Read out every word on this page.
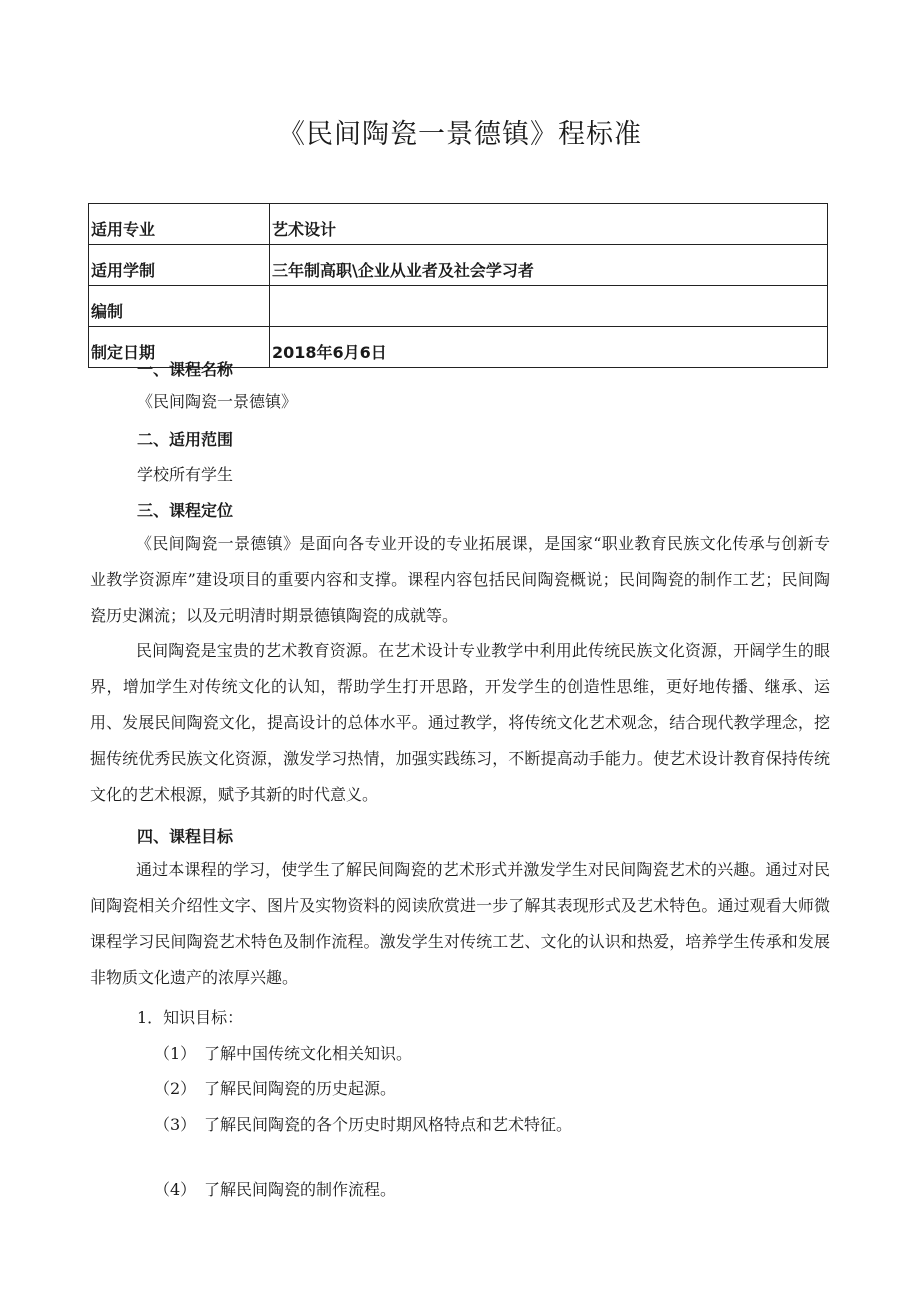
《民间陶瓷一景德镇》程标准
适用专业	艺术设计
适用学制	三年制高职\企业从业者及社会学习者
编制	
制定日期	2018年6月6日
一、课程名称
《民间陶瓷一景德镇》
二、适用范围
学校所有学生
三、课程定位
《民间陶瓷一景德镇》是面向各专业开设的专业拓展课，是国家“职业教育民族文化传承与创新专业教学资源库”建设项目的重要内容和支撑。课程内容包括民间陶瓷概说；民间陶瓷的制作工艺；民间陶瓷历史渊流；以及元明清时期景德镇陶瓷的成就等。
民间陶瓷是宝贵的艺术教育资源。在艺术设计专业教学中利用此传统民族文化资源，开阔学生的眼界，增加学生对传统文化的认知，帮助学生打开思路，开发学生的创造性思维，更好地传播、继承、运用、发展民间陶瓷文化，提高设计的总体水平。通过教学，将传统文化艺术观念，结合现代教学理念，挖掘传统优秀民族文化资源，激发学习热情，加强实践练习，不断提高动手能力。使艺术设计教育保持传统文化的艺术根源，赋予其新的时代意义。
四、课程目标
通过本课程的学习，使学生了解民间陶瓷的艺术形式并激发学生对民间陶瓷艺术的兴趣。通过对民间陶瓷相关介绍性文字、图片及实物资料的阅读欣赏进一步了解其表现形式及艺术特色。通过观看大师微课程学习民间陶瓷艺术特色及制作流程。激发学生对传统工艺、文化的认识和热爱，培养学生传承和发展非物质文化遗产的浓厚兴趣。
1．知识目标：
（1） 了解中国传统文化相关知识。
（2） 了解民间陶瓷的历史起源。
（3） 了解民间陶瓷的各个历史时期风格特点和艺术特征。
（4） 了解民间陶瓷的制作流程。
